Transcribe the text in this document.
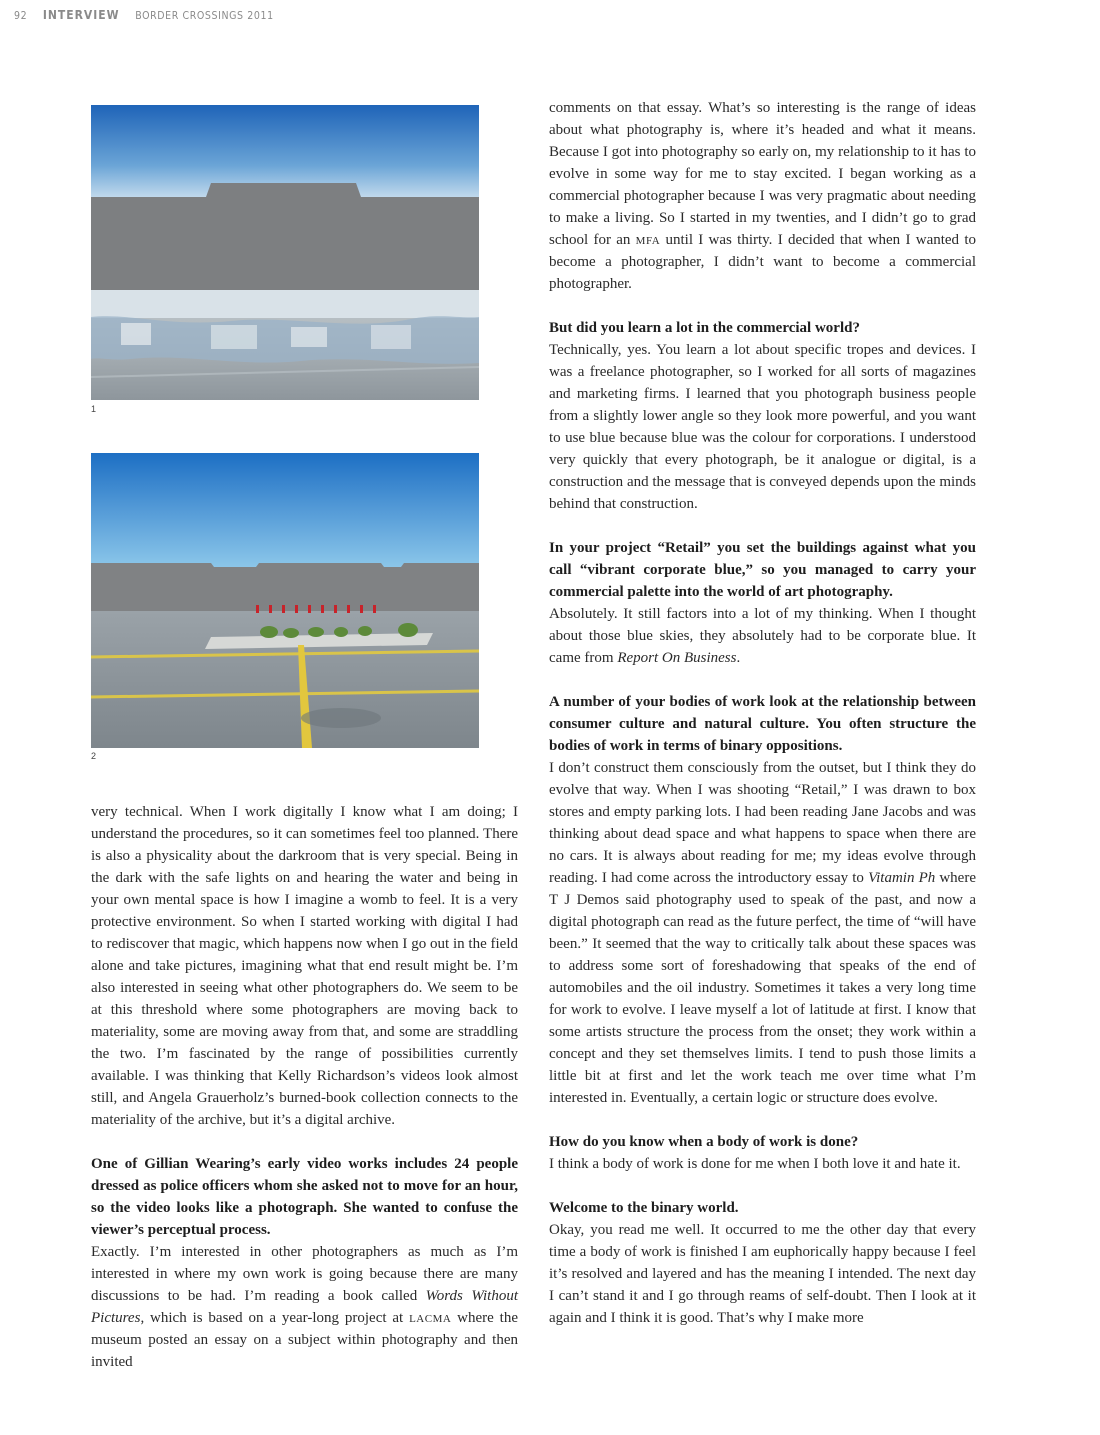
92 INTERVIEW BORDER CROSSINGS 2011
1
2

very technical. When I work digitally I know what I am doing; I understand the procedures, so it can sometimes feel too planned. There is also a physicality about the darkroom that is very special. Being in the dark with the safe lights on and hearing the water and being in your own mental space is how I imagine a womb to feel. It is a very protective environment. So when I started working with digital I had to rediscover that magic, which happens now when I go out in the field alone and take pictures, imagining what that end result might be. I’m also interested in seeing what other photographers do. We seem to be at this threshold where some photographers are moving back to materiality, some are moving away from that, and some are straddling the two. I’m fascinated by the range of possibilities currently available. I was thinking that Kelly Richardson’s videos look almost still, and Angela Grauerholz’s burned-book collection connects to the materiality of the archive, but it’s a digital archive.

One of Gillian Wearing’s early video works includes 24 people dressed as police officers whom she asked not to move for an hour, so the video looks like a photograph. She wanted to confuse the viewer’s perceptual process.

Exactly. I’m interested in other photographers as much as I’m interested in where my own work is going because there are many discussions to be had. I’m reading a book called Words Without Pictures, which is based on a year-long project at lacma where the museum posted an essay on a subject within photography and then invited

comments on that essay. What’s so interesting is the range of ideas about what photography is, where it’s headed and what it means. Because I got into photography so early on, my relationship to it has to evolve in some way for me to stay excited. I began working as a commercial photographer because I was very pragmatic about needing to make a living. So I started in my twenties, and I didn’t go to grad school for an mfa until I was thirty. I decided that when I wanted to become a photographer, I didn’t want to become a commercial photographer.

But did you learn a lot in the commercial world?

Technically, yes. You learn a lot about specific tropes and devices. I was a freelance photographer, so I worked for all sorts of magazines and marketing firms. I learned that you photograph business people from a slightly lower angle so they look more powerful, and you want to use blue because blue was the colour for corporations. I understood very quickly that every photograph, be it analogue or digital, is a construction and the message that is conveyed depends upon the minds behind that construction.

In your project “Retail” you set the buildings against what you call “vibrant corporate blue,” so you managed to carry your commercial palette into the world of art photography.

Absolutely. It still factors into a lot of my thinking. When I thought about those blue skies, they absolutely had to be corporate blue. It came from Report On Business.

A number of your bodies of work look at the relationship between consumer culture and natural culture. You often structure the bodies of work in terms of binary oppositions.

I don’t construct them consciously from the outset, but I think they do evolve that way. When I was shooting “Retail,” I was drawn to box stores and empty parking lots. I had been reading Jane Jacobs and was thinking about dead space and what happens to space when there are no cars. It is always about reading for me; my ideas evolve through reading. I had come across the introductory essay to Vitamin Ph where T J Demos said photography used to speak of the past, and now a digital photograph can read as the future perfect, the time of “will have been.” It seemed that the way to critically talk about these spaces was to address some sort of foreshadowing that speaks of the end of automobiles and the oil industry. Sometimes it takes a very long time for work to evolve. I leave myself a lot of latitude at first. I know that some artists structure the process from the onset; they work within a concept and they set themselves limits. I tend to push those limits a little bit at first and let the work teach me over time what I’m interested in. Eventually, a certain logic or structure does evolve.

How do you know when a body of work is done?

I think a body of work is done for me when I both love it and hate it.

Welcome to the binary world.

Okay, you read me well. It occurred to me the other day that every time a body of work is finished I am euphorically happy because I feel it’s resolved and layered and has the meaning I intended. The next day I can’t stand it and I go through reams of self-doubt. Then I look at it again and I think it is good. That’s why I make more
